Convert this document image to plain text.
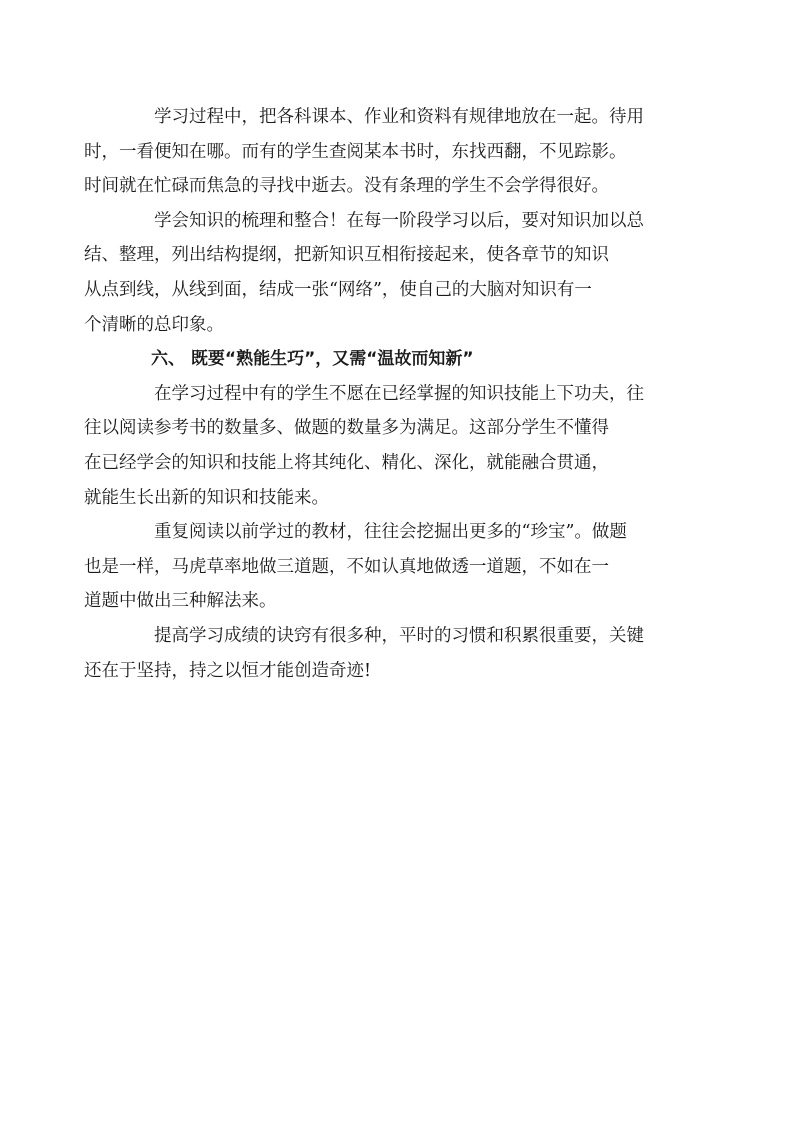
学习过程中，把各科课本、作业和资料有规律地放在一起。待用
时，一看便知在哪。而有的学生查阅某本书时，东找西翻，不见踪影。
时间就在忙碌而焦急的寻找中逝去。没有条理的学生不会学得很好。

学会知识的梳理和整合！在每一阶段学习以后，要对知识加以总
结、整理，列出结构提纲，把新知识互相衔接起来，使各章节的知识
从点到线，从线到面，结成一张“网络”，使自己的大脑对知识有一
个清晰的总印象。

六、 既要“熟能生巧”，又需“温故而知新”

在学习过程中有的学生不愿在已经掌握的知识技能上下功夫，往
往以阅读参考书的数量多、做题的数量多为满足。这部分学生不懂得
在已经学会的知识和技能上将其纯化、精化、深化，就能融合贯通，
就能生长出新的知识和技能来。

重复阅读以前学过的教材，往往会挖掘出更多的“珍宝”。做题
也是一样，马虎草率地做三道题，不如认真地做透一道题，不如在一
道题中做出三种解法来。

提高学习成绩的诀窍有很多种，平时的习惯和积累很重要，关键
还在于坚持，持之以恒才能创造奇迹!
